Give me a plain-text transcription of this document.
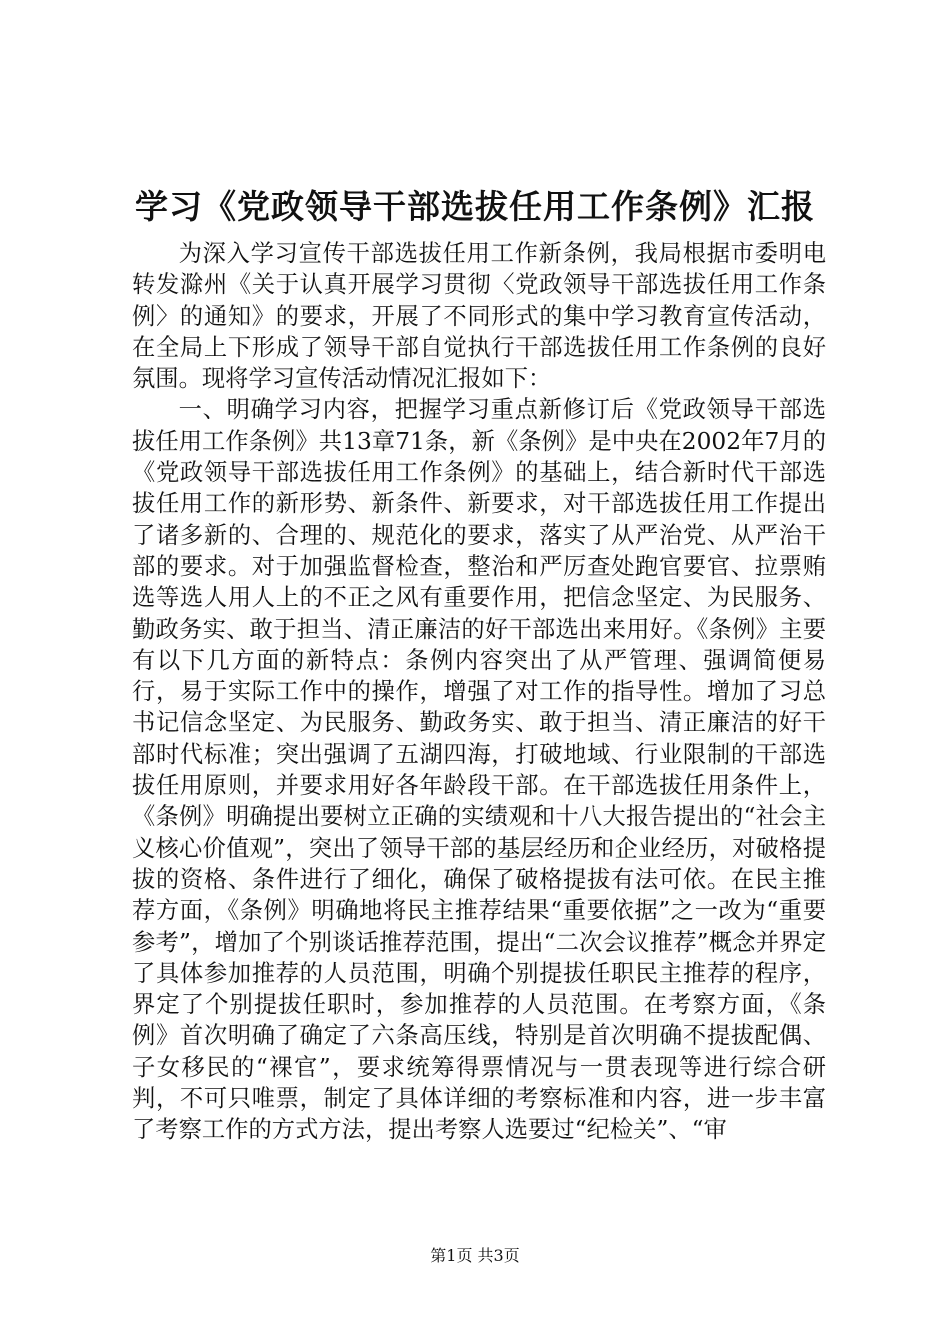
学习《党政领导干部选拔任用工作条例》汇报

为深入学习宣传干部选拔任用工作新条例，我局根据市委明电转发滁州《关于认真开展学习贯彻〈党政领导干部选拔任用工作条例〉的通知》的要求，开展了不同形式的集中学习教育宣传活动，在全局上下形成了领导干部自觉执行干部选拔任用工作条例的良好氛围。现将学习宣传活动情况汇报如下：

一、明确学习内容，把握学习重点新修订后《党政领导干部选拔任用工作条例》共13章71条，新《条例》是中央在2002年7月的《党政领导干部选拔任用工作条例》的基础上，结合新时代干部选拔任用工作的新形势、新条件、新要求，对干部选拔任用工作提出了诸多新的、合理的、规范化的要求，落实了从严治党、从严治干部的要求。对于加强监督检查，整治和严厉查处跑官要官、拉票贿选等选人用人上的不正之风有重要作用，把信念坚定、为民服务、勤政务实、敢于担当、清正廉洁的好干部选出来用好。《条例》主要有以下几方面的新特点：条例内容突出了从严管理、强调简便易行，易于实际工作中的操作，增强了对工作的指导性。增加了习总书记信念坚定、为民服务、勤政务实、敢于担当、清正廉洁的好干部时代标准；突出强调了五湖四海，打破地域、行业限制的干部选拔任用原则，并要求用好各年龄段干部。在干部选拔任用条件上，《条例》明确提出要树立正确的实绩观和十八大报告提出的“社会主义核心价值观”，突出了领导干部的基层经历和企业经历，对破格提拔的资格、条件进行了细化，确保了破格提拔有法可依。在民主推荐方面，《条例》明确地将民主推荐结果“重要依据”之一改为“重要参考”，增加了个别谈话推荐范围，提出“二次会议推荐”概念并界定了具体参加推荐的人员范围，明确个别提拔任职民主推荐的程序，界定了个别提拔任职时，参加推荐的人员范围。在考察方面，《条例》首次明确了确定了六条高压线，特别是首次明确不提拔配偶、子女移民的“裸官”，要求统筹得票情况与一贯表现等进行综合研判，不可只唯票，制定了具体详细的考察标准和内容，进一步丰富了考察工作的方式方法，提出考察人选要过“纪检关”、“审

第1页 共3页
